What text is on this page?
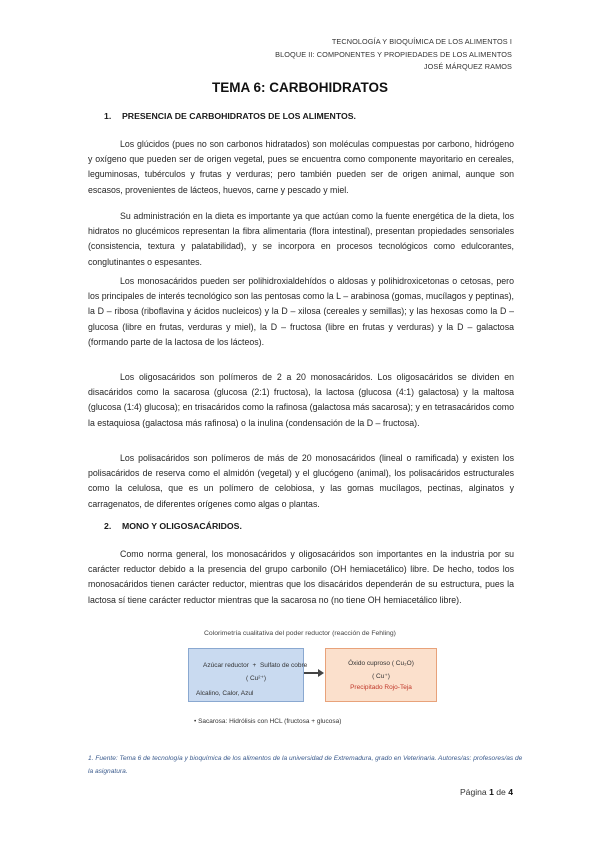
TECNOLOGÍA Y BIOQUÍMICA DE LOS ALIMENTOS I
BLOQUE II: COMPONENTES Y PROPIEDADES DE LOS ALIMENTOS
JOSÉ MÁRQUEZ RAMOS
TEMA 6: CARBOHIDRATOS
1. PRESENCIA DE CARBOHIDRATOS DE LOS ALIMENTOS.
Los glúcidos (pues no son carbonos hidratados) son moléculas compuestas por carbono, hidrógeno y oxígeno que pueden ser de origen vegetal, pues se encuentra como componente mayoritario en cereales, leguminosas, tubérculos y frutas y verduras; pero también pueden ser de origen animal, aunque son escasos, provenientes de lácteos, huevos, carne y pescado y miel.
Su administración en la dieta es importante ya que actúan como la fuente energética de la dieta, los hidratos no glucémicos representan la fibra alimentaria (flora intestinal), presentan propiedades sensoriales (consistencia, textura y palatabilidad), y se incorpora en procesos tecnológicos como edulcorantes, conglutinantes o espesantes.
Los monosacáridos pueden ser polihidroxialdehídos o aldosas y polihidroxicetonas o cetosas, pero los principales de interés tecnológico son las pentosas como la L – arabinosa (gomas, mucílagos y peptinas), la D – ribosa (riboflavina y ácidos nucleicos) y la D – xilosa (cereales y semillas); y las hexosas como la D – glucosa (libre en frutas, verduras y miel), la D – fructosa (libre en frutas y verduras) y la D – galactosa (formando parte de la lactosa de los lácteos).
Los oligosacáridos son polímeros de 2 a 20 monosacáridos. Los oligosacáridos se dividen en disacáridos como la sacarosa (glucosa (2:1) fructosa), la lactosa (glucosa (4:1) galactosa) y la maltosa (glucosa (1:4) glucosa); en trisacáridos como la rafinosa (galactosa más sacarosa); y en tetrasacáridos como la estaquiosa (galactosa más rafinosa) o la inulina (condensación de la D – fructosa).
Los polisacáridos son polímeros de más de 20 monosacáridos (lineal o ramificada) y existen los polisacáridos de reserva como el almidón (vegetal) y el glucógeno (animal), los polisacáridos estructurales como la celulosa, que es un polímero de celobiosa, y las gomas mucílagos, pectinas, alginatos y carragenatos, de diferentes orígenes como algas o plantas.
2. MONO Y OLIGOSACÁRIDOS.
Como norma general, los monosacáridos y oligosacáridos son importantes en la industria por su carácter reductor debido a la presencia del grupo carbonilo (OH hemiacetálico) libre. De hecho, todos los monosacáridos tienen carácter reductor, mientras que los disacáridos dependerán de su estructura, pues la lactosa sí tiene carácter reductor mientras que la sacarosa no (no tiene OH hemiacetálico libre).
Colorimetría cualitativa del poder reductor (reacción de Fehling)
Azúcar reductor + Sulfato de cobre
( Cu²⁺)
Alcalino, Calor, Azul
Óxido cuproso ( Cu₂O)
( Cu⁺)
Precipitado Rojo-Teja
• Sacarosa: Hidrólisis con HCL (fructosa + glucosa)
1. Fuente: Tema 6 de tecnología y bioquímica de los alimentos de la universidad de Extremadura, grado en Veterinaria. Autores/as: profesores/as de la asignatura.
Página 1 de 4
